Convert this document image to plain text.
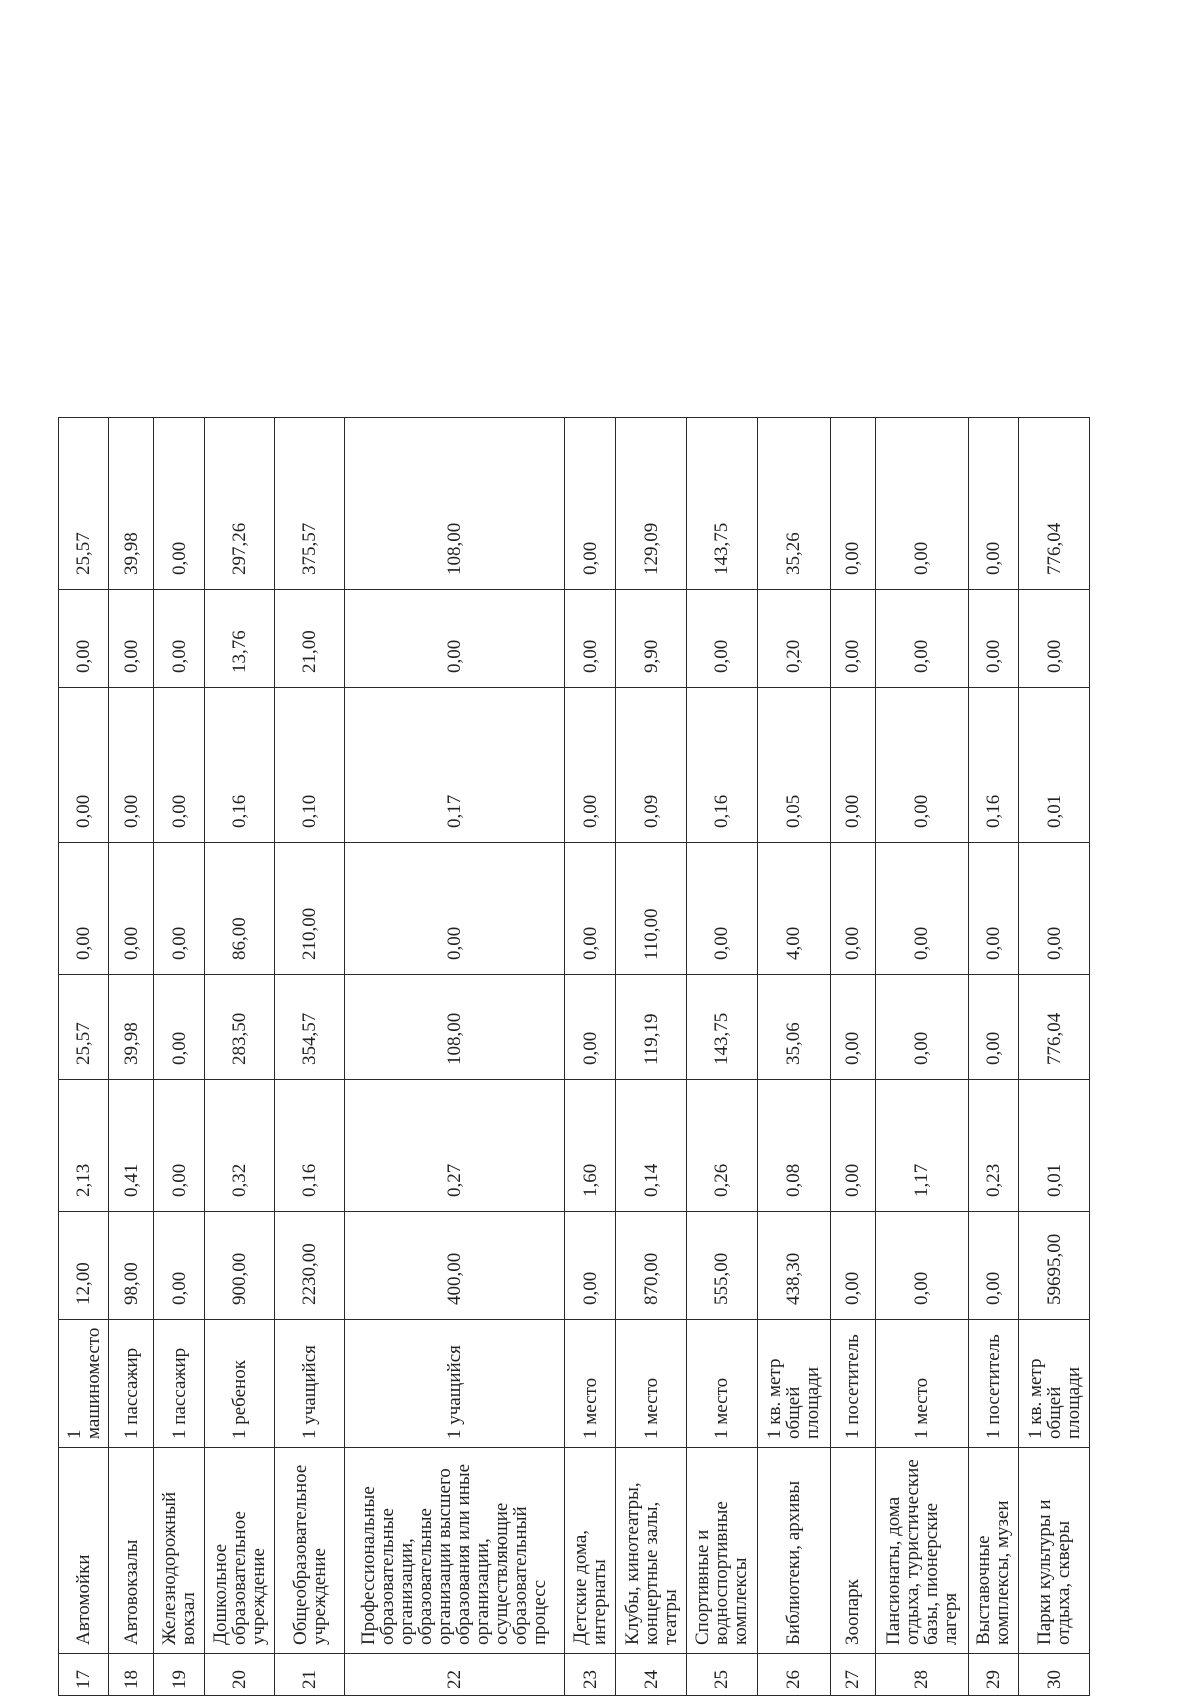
17	Автомойки	1 машиноместо	12,00	2,13	25,57	0,00	0,00	0,00	25,57
18	Автовокзалы	1 пассажир	98,00	0,41	39,98	0,00	0,00	0,00	39,98
19	Железнодорожный вокзал	1 пассажир	0,00	0,00	0,00	0,00	0,00	0,00	0,00
20	Дошкольное образовательное учреждение	1 ребенок	900,00	0,32	283,50	86,00	0,16	13,76	297,26
21	Общеобразовательное учреждение	1 учащийся	2230,00	0,16	354,57	210,00	0,10	21,00	375,57
22	Профессиональные образовательные организации, образовательные организации высшего образования или иные организации, осуществляющие образовательный процесс	1 учащийся	400,00	0,27	108,00	0,00	0,17	0,00	108,00
23	Детские дома, интернаты	1 место	0,00	1,60	0,00	0,00	0,00	0,00	0,00
24	Клубы, кинотеатры, концертные залы, театры	1 место	870,00	0,14	119,19	110,00	0,09	9,90	129,09
25	Спортивные и водноспортивные комплексы	1 место	555,00	0,26	143,75	0,00	0,16	0,00	143,75
26	Библиотеки, архивы	1 кв. метр общей площади	438,30	0,08	35,06	4,00	0,05	0,20	35,26
27	Зоопарк	1 посетитель	0,00	0,00	0,00	0,00	0,00	0,00	0,00
28	Пансионаты, дома отдыха, туристические базы, пионерские лагеря	1 место	0,00	1,17	0,00	0,00	0,00	0,00	0,00
29	Выставочные комплексы, музеи	1 посетитель	0,00	0,23	0,00	0,00	0,16	0,00	0,00
30	Парки культуры и отдыха, скверы	1 кв. метр общей площади	59695,00	0,01	776,04	0,00	0,01	0,00	776,04
